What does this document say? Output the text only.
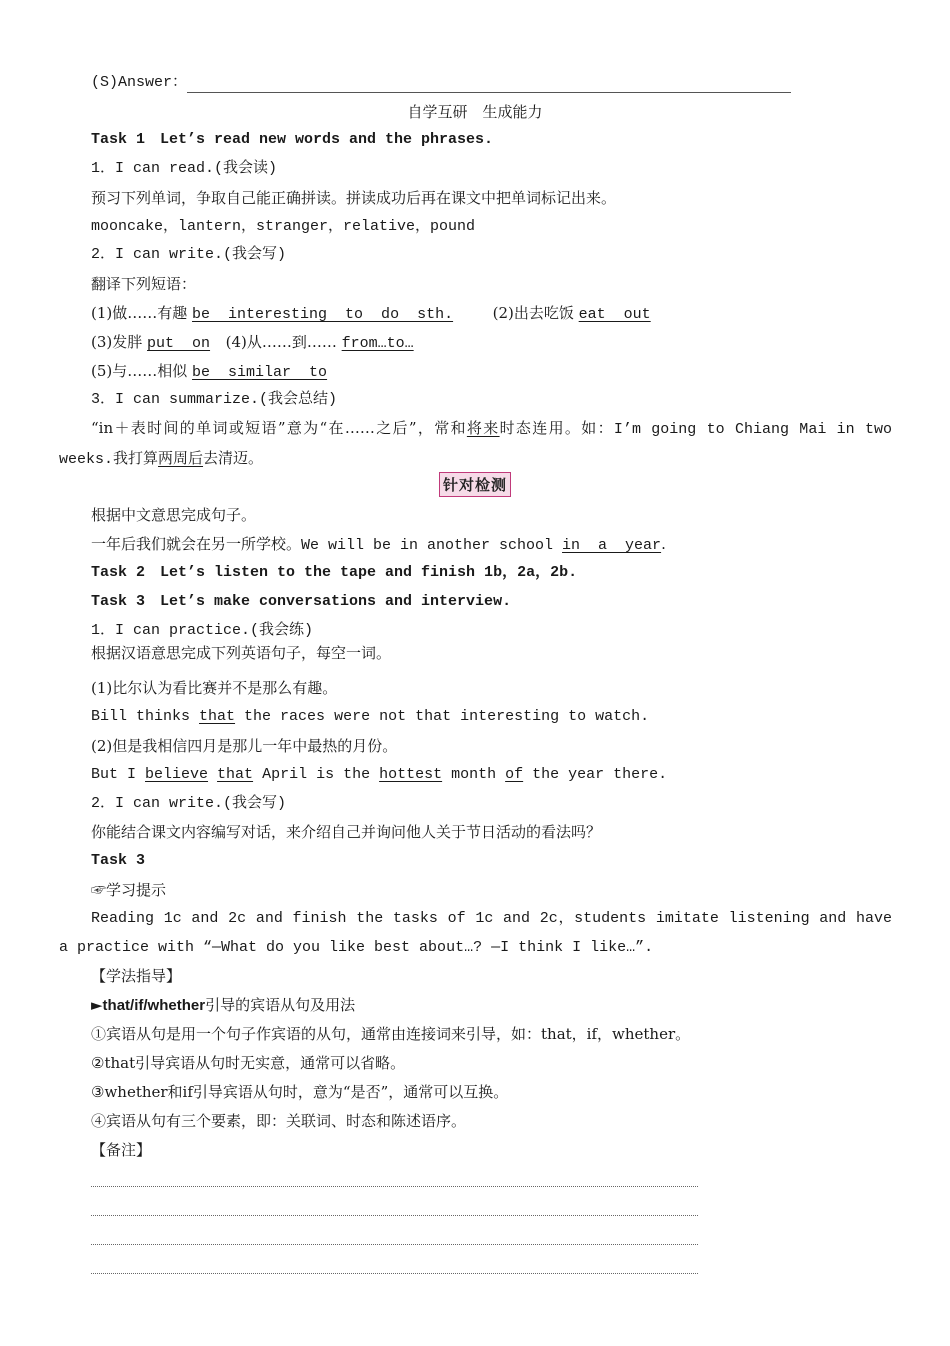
(S)Answer：
自学互研　生成能力
Task 1　Let’s read new words and the phrases.
1．I can read.(我会读)
预习下列单词，争取自己能正确拼读。拼读成功后再在课文中把单词标记出来。
mooncake，lantern，stranger，relative，pound
2．I can write.(我会写)
翻译下列短语：
(1)做……有趣 be  interesting  to  do  sth.	(2)出去吃饭 eat  out
(3)发胖 put  on (4)从……到…… from…to…
(5)与……相似 be  similar  to
3．I can summarize.(我会总结)
“in＋表时间的单词或短语”意为“在……之后”，常和将来时态连用。如：I’m going to Chiang Mai in two weeks.我打算两周后去清迈。
针对检测
根据中文意思完成句子。
一年后我们就会在另一所学校。We will be in another school in  a  year.
Task 2　Let’s listen to the tape and finish 1b，2a，2b.
Task 3　Let’s make conversations and interview.
1．I can practice.(我会练)
根据汉语意思完成下列英语句子，每空一词。
(1)比尔认为看比赛并不是那么有趣。
Bill thinks that the races were not that interesting to watch.
(2)但是我相信四月是那儿一年中最热的月份。
But I believe that April is the hottest month of the year there.
2．I can write.(我会写)
你能结合课文内容编写对话，来介绍自己并询问他人关于节日活动的看法吗？
Task 3
☞学习提示
Reading 1c and 2c and finish the tasks of 1c and 2c，students imitate listening and have a practice with “—What do you like best about…? —I think I like…”.
【学法指导】
►that/if/whether引导的宾语从句及用法
①宾语从句是用一个句子作宾语的从句，通常由连接词来引导，如：that，if，whether。
②that引导宾语从句时无实意，通常可以省略。
③whether和if引导宾语从句时，意为“是否”，通常可以互换。
④宾语从句有三个要素，即：关联词、时态和陈述语序。
【备注】
